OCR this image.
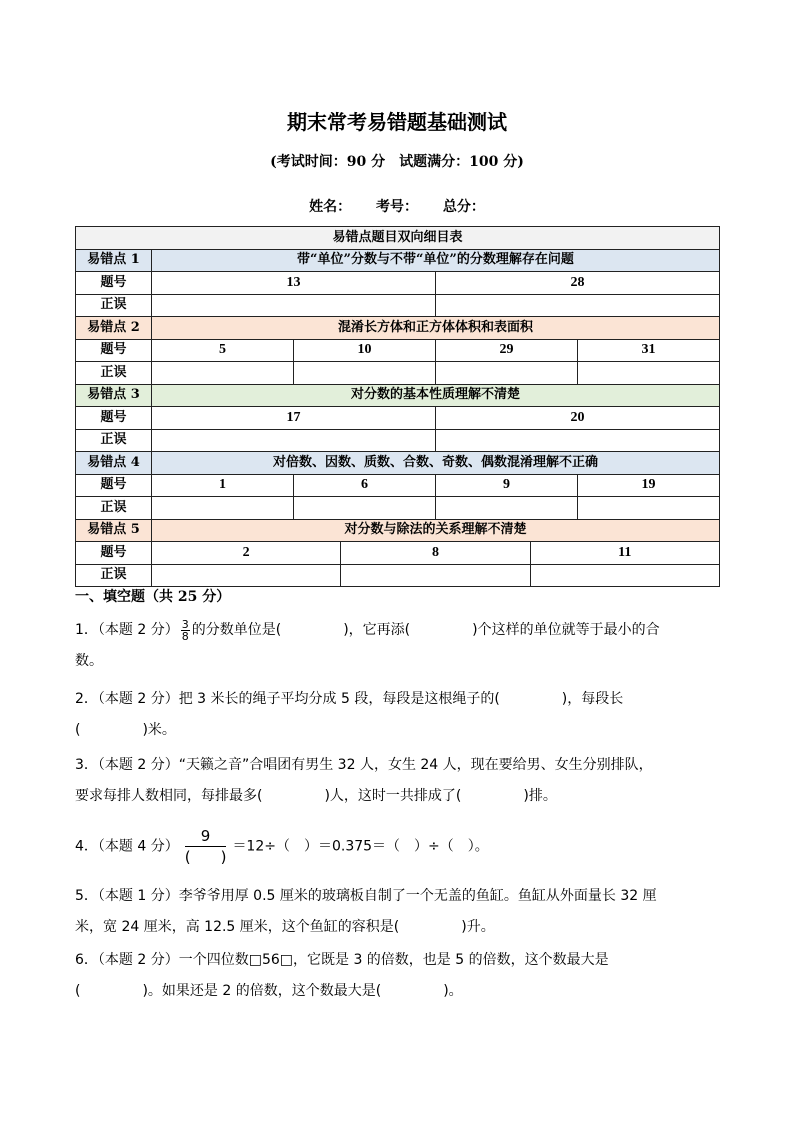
期末常考易错题基础测试
(考试时间：90 分　试题满分：100 分)
姓名： 考号： 总分：
易错点题目双向细目表						
易错点 1	带“单位”分数与不带“单位”的分数理解存在问题					
题号	13			28		
正误						
易错点 2	混淆长方体和正方体体积和表面积					
题号	5	10		29		31
正误						
易错点 3	对分数的基本性质理解不清楚					
题号	17			20		
正误						
易错点 4	对倍数、因数、质数、合数、奇数、偶数混淆理解不正确					
题号	1	6		9		19
正误						
易错点 5	对分数与除法的关系理解不清楚					
题号	2		8		11	
正误						
一、填空题（共 25 分）
1．（本题 2 分） $\frac{3}{8}$ 的分数单位是(	)，它再添(	)个这样的单位就等于最小的合
数。
2．（本题 2 分）把 3 米长的绳子平均分成 5 段，每段是这根绳子的(	)，每段长
(	)米。
3．（本题 2 分）“天籁之音”合唱团有男生 32 人，女生 24 人，现在要给男、女生分别排队，
要求每排人数相同，每排最多(	)人，这时一共排成了(	)排。
4．（本题 4 分）
9
(　　)
＝12÷（　）＝0.375＝（　）÷（　）。
5．（本题 1 分）李爷爷用厚 0.5 厘米的玻璃板自制了一个无盖的鱼缸。鱼缸从外面量长 32 厘
米，宽 24 厘米，高 12.5 厘米，这个鱼缸的容积是(	)升。
6．（本题 2 分）一个四位数□56□，它既是 3 的倍数，也是 5 的倍数，这个数最大是
(	)。如果还是 2 的倍数，这个数最大是(	)。
